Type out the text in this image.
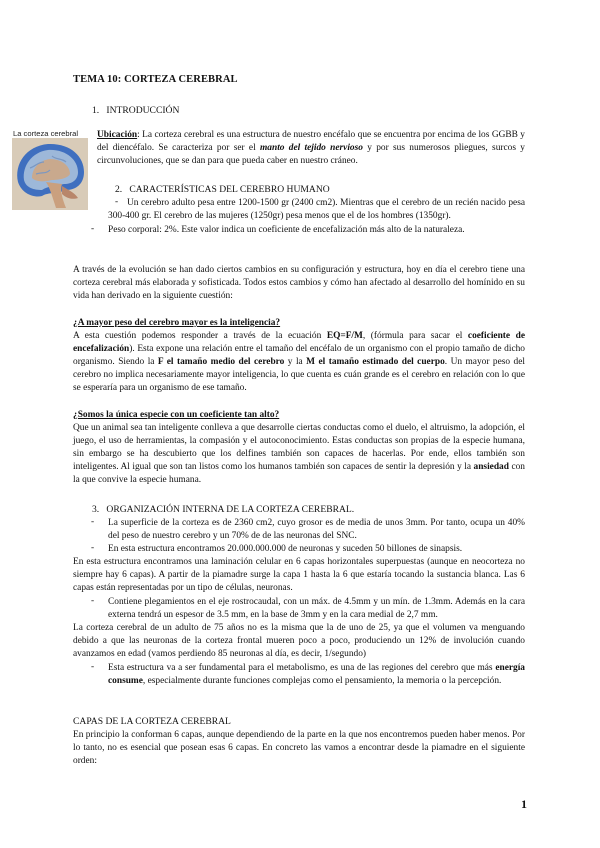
TEMA 10: CORTEZA CEREBRAL

1.   INTRODUCCIÓN

La corteza cerebral Ubicación: La corteza cerebral es una estructura de nuestro encéfalo que se encuentra por encima de los GGBB y del diencéfalo. Se caracteriza por ser el manto del tejido nervioso y por sus numerosos pliegues, surcos y circunvoluciones, que se dan para que pueda caber en nuestro cráneo.

2.   CARACTERÍSTICAS DEL CEREBRO HUMANO

- Un cerebro adulto pesa entre 1200-1500 gr (2400 cm2). Mientras que el cerebro de un recién nacido pesa 300-400 gr. El cerebro de las mujeres (1250gr) pesa menos que el de los hombres (1350gr).

- Peso corporal: 2%. Este valor indica un coeficiente de encefalización más alto de la naturaleza.

A través de la evolución se han dado ciertos cambios en su configuración y estructura, hoy en día el cerebro tiene una corteza cerebral más elaborada y sofisticada. Todos estos cambios y cómo han afectado al desarrollo del homínido en su vida han derivado en la siguiente cuestión:

¿A mayor peso del cerebro mayor es la inteligencia?

A esta cuestión podemos responder a través de la ecuación EQ=F/M, (fórmula para sacar el coeficiente de encefalización). Esta expone una relación entre el tamaño del encéfalo de un organismo con el propio tamaño de dicho organismo. Siendo la F el tamaño medio del cerebro y la M el tamaño estimado del cuerpo. Un mayor peso del cerebro no implica necesariamente mayor inteligencia, lo que cuenta es cuán grande es el cerebro en relación con lo que se esperaría para un organismo de ese tamaño.

¿Somos la única especie con un coeficiente tan alto?

Que un animal sea tan inteligente conlleva a que desarrolle ciertas conductas como el duelo, el altruismo, la adopción, el juego, el uso de herramientas, la compasión y el autoconocimiento. Estas conductas son propias de la especie humana, sin embargo se ha descubierto que los delfines también son capaces de hacerlas. Por ende, ellos también son inteligentes. Al igual que son tan listos como los humanos también son capaces de sentir la depresión y la ansiedad con la que convive la especie humana.

3.   ORGANIZACIÓN INTERNA DE LA CORTEZA CEREBRAL.

- La superficie de la corteza es de 2360 cm2, cuyo grosor es de media de unos 3mm. Por tanto, ocupa un 40% del peso de nuestro cerebro y un 70% de de las neuronas del SNC.

- En esta estructura encontramos 20.000.000.000 de neuronas y suceden 50 billones de sinapsis.

En esta estructura encontramos una laminación celular en 6 capas horizontales superpuestas (aunque en neocorteza no siempre hay 6 capas). A partir de la piamadre surge la capa 1 hasta la 6 que estaría tocando la sustancia blanca. Las 6 capas están representadas por un tipo de células, neuronas.

- Contiene plegamientos en el eje rostrocaudal, con un máx. de 4.5mm y un mín. de 1.3mm. Además en la cara externa tendrá un espesor de 3.5 mm, en la base de 3mm y en la cara medial de 2,7 mm.

La corteza cerebral de un adulto de 75 años no es la misma que la de uno de 25, ya que el volumen va menguando debido a que las neuronas de la corteza frontal mueren poco a poco, produciendo un 12% de involución cuando avanzamos en edad (vamos perdiendo 85 neuronas al día, es decir, 1/segundo)

- Esta estructura va a ser fundamental para el metabolismo, es una de las regiones del cerebro que más energía consume, especialmente durante funciones complejas como el pensamiento, la memoria o la percepción.

CAPAS DE LA CORTEZA CEREBRAL

En principio la conforman 6 capas, aunque dependiendo de la parte en la que nos encontremos pueden haber menos. Por lo tanto, no es esencial que posean esas 6 capas. En concreto las vamos a encontrar desde la piamadre en el siguiente orden:

1
